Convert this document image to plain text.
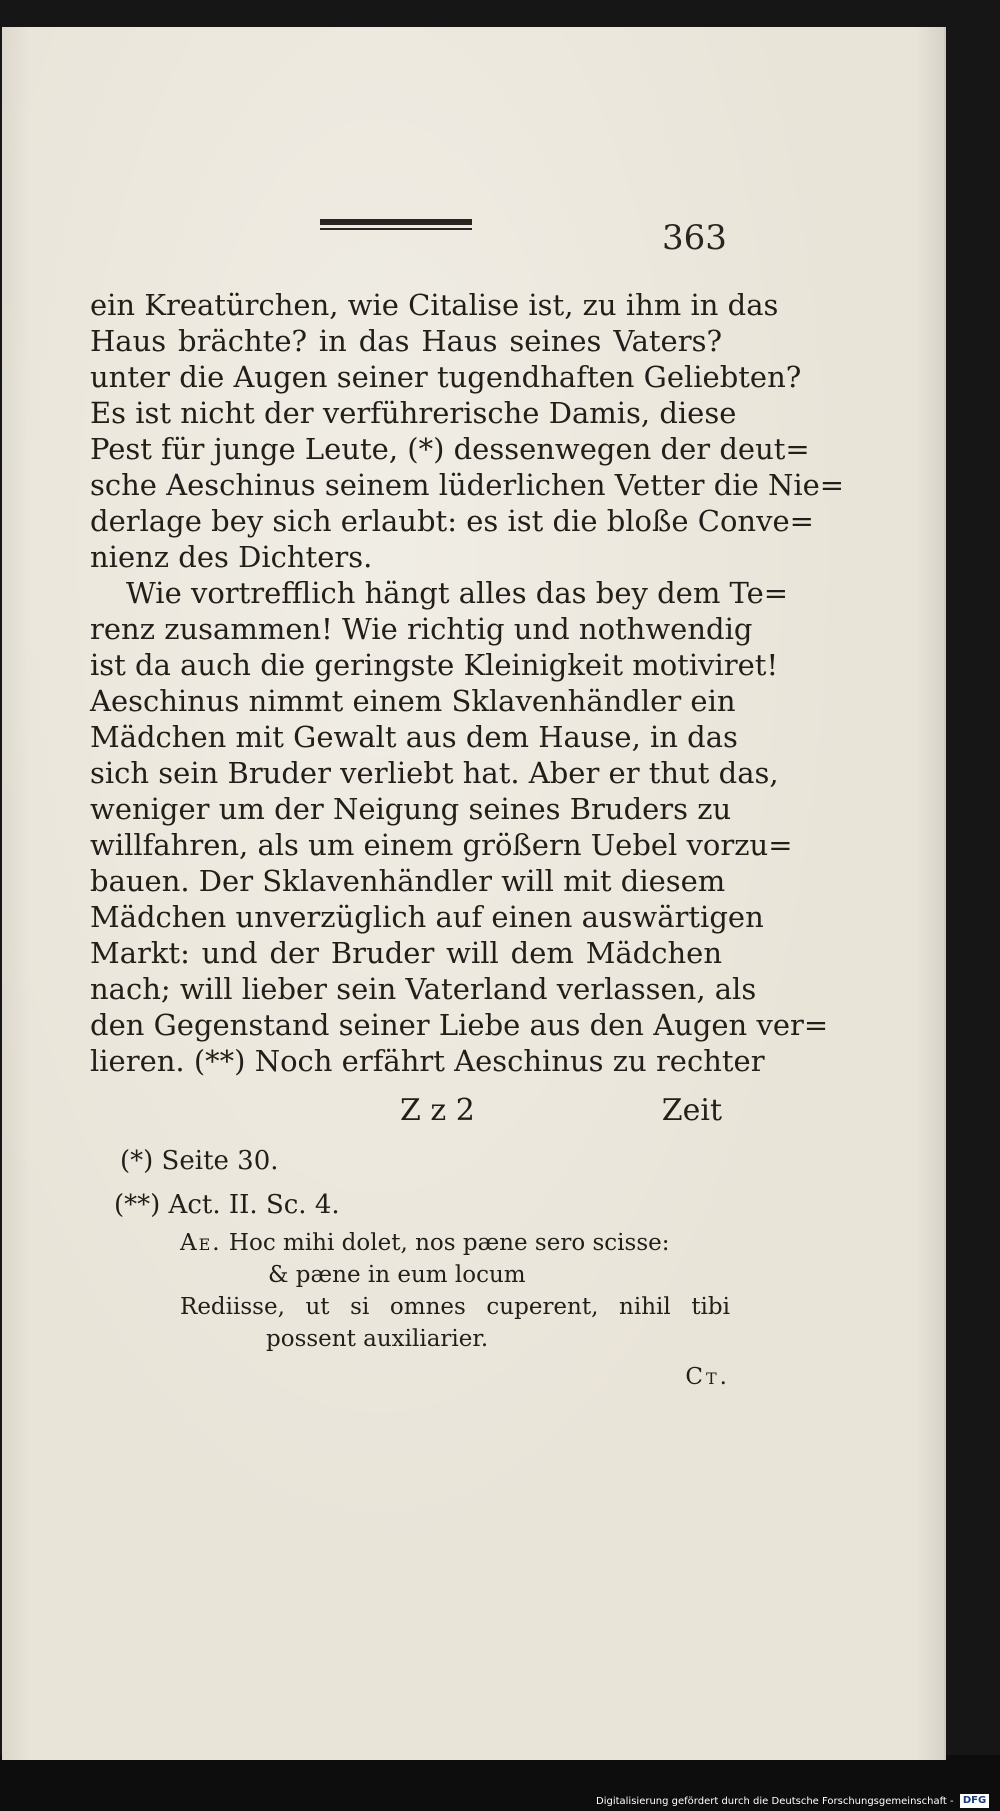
363
ein Kreatürchen, wie Citalise ist, zu ihm in das
Haus brächte? in das Haus seines Vaters?
unter die Augen seiner tugendhaften Geliebten?
Es ist nicht der verführerische Damis, diese
Pest für junge Leute, (*) dessenwegen der deut=
sche Aeschinus seinem lüderlichen Vetter die Nie=
derlage bey sich erlaubt: es ist die bloße Conve=
nienz des Dichters.
Wie vortrefflich hängt alles das bey dem Te=
renz zusammen! Wie richtig und nothwendig
ist da auch die geringste Kleinigkeit motiviret!
Aeschinus nimmt einem Sklavenhändler ein
Mädchen mit Gewalt aus dem Hause, in das
sich sein Bruder verliebt hat. Aber er thut das,
weniger um der Neigung seines Bruders zu
willfahren, als um einem größern Uebel vorzu=
bauen. Der Sklavenhändler will mit diesem
Mädchen unverzüglich auf einen auswärtigen
Markt: und der Bruder will dem Mädchen
nach; will lieber sein Vaterland verlassen, als
den Gegenstand seiner Liebe aus den Augen ver=
lieren. (**) Noch erfährt Aeschinus zu rechter
Z z 2	Zeit
(*) Seite 30.
(**) Act. II. Sc. 4.
Ae. Hoc mihi dolet, nos pæne sero scisse:
& pæne in eum locum
Rediisse, ut si omnes cuperent, nihil tibi
possent auxiliarier.
Ct.
Digitalisierung gefördert durch die Deutsche Forschungsgemeinschaft - DFG
